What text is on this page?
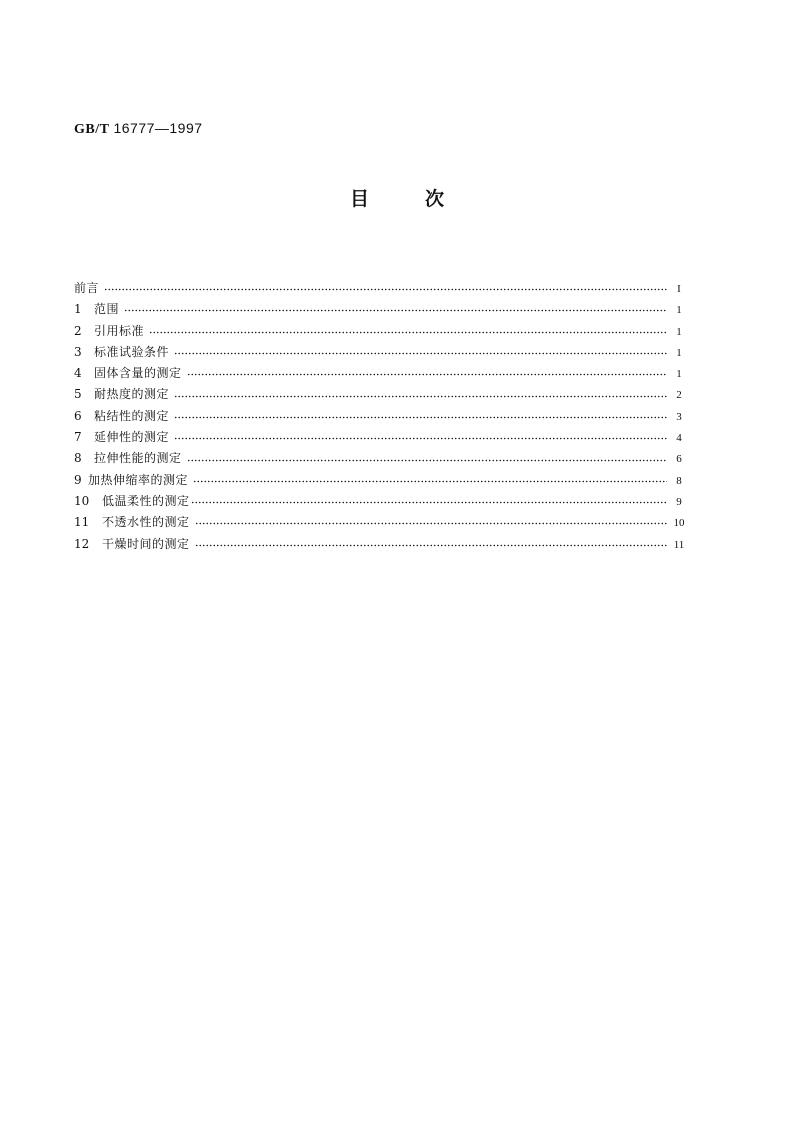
GB/T 16777—1997
目	次
前言	I
1	范围	1
2	引用标准	1
3	标准试验条件	1
4	固体含量的测定	1
5	耐热度的测定	2
6	粘结性的测定	3
7	延伸性的测定	4
8	拉伸性能的测定	6
9 加热伸缩率的测定	8
10	低温柔性的测定	9
11	不透水性的测定	10
12	干燥时间的测定	11
